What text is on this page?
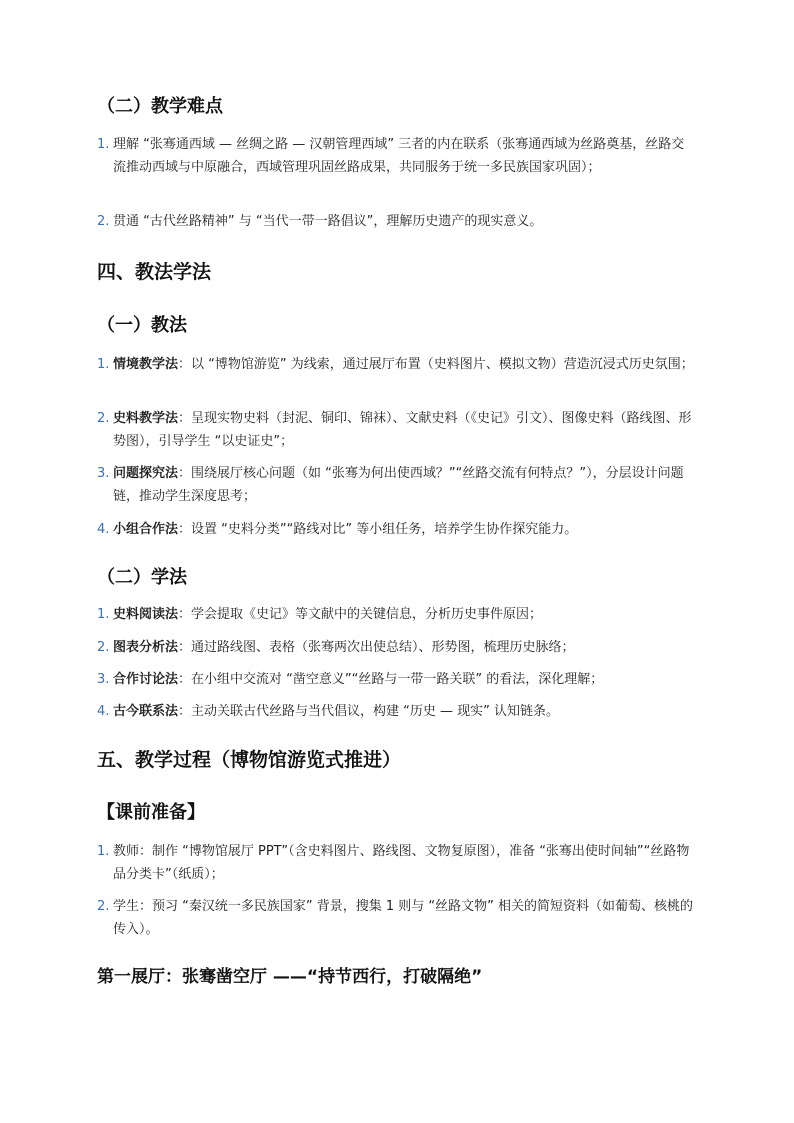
（二）教学难点
1. 理解 “张骞通西域 — 丝绸之路 — 汉朝管理西域” 三者的内在联系（张骞通西域为丝路奠基，丝路交流推动西域与中原融合，西域管理巩固丝路成果，共同服务于统一多民族国家巩固）；
2. 贯通 “古代丝路精神” 与 “当代一带一路倡议”，理解历史遗产的现实意义。
四、教法学法
（一）教法
1. 情境教学法：以 “博物馆游览” 为线索，通过展厅布置（史料图片、模拟文物）营造沉浸式历史氛围；
2. 史料教学法：呈现实物史料（封泥、铜印、锦袜）、文献史料（《史记》引文）、图像史料（路线图、形势图），引导学生 “以史证史”；
3. 问题探究法：围绕展厅核心问题（如 “张骞为何出使西域？”“丝路交流有何特点？”），分层设计问题链，推动学生深度思考；
4. 小组合作法：设置 “史料分类”“路线对比” 等小组任务，培养学生协作探究能力。
（二）学法
1. 史料阅读法：学会提取《史记》等文献中的关键信息，分析历史事件原因；
2. 图表分析法：通过路线图、表格（张骞两次出使总结）、形势图，梳理历史脉络；
3. 合作讨论法：在小组中交流对 “凿空意义”“丝路与一带一路关联” 的看法，深化理解；
4. 古今联系法：主动关联古代丝路与当代倡议，构建 “历史 — 现实” 认知链条。
五、教学过程（博物馆游览式推进）
【课前准备】
1. 教师：制作 “博物馆展厅 PPT”（含史料图片、路线图、文物复原图），准备 “张骞出使时间轴”“丝路物品分类卡”（纸质）；
2. 学生：预习 “秦汉统一多民族国家” 背景，搜集 1 则与 “丝路文物” 相关的简短资料（如葡萄、核桃的传入）。
第一展厅：张骞凿空厅 ——“持节西行，打破隔绝”
